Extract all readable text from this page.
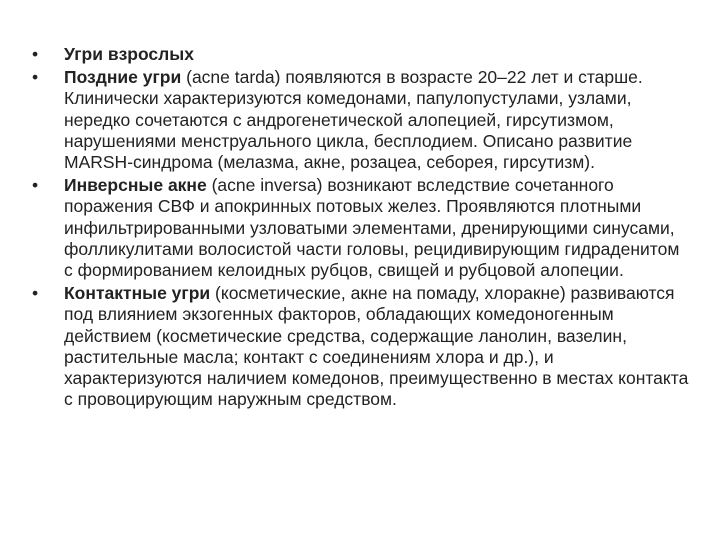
•	Угри взрослых
•	Поздние угри (acne tarda) появляются в возрасте 20–22 лет и старше. Клинически характеризуются комедонами, папулопустулами, узлами, нередко сочетаются с андрогенетической алопецией, гирсутизмом, нарушениями менструального цикла, бесплодием. Описано развитие MARSH-синдрома (мелазма, акне, розацеа, себорея, гирсутизм).
•	Инверсные акне (acne inversa) возникают вследствие сочетанного поражения СВФ и апокринных потовых желез. Проявляются плотными инфильтрированными узловатыми элементами, дренирующими синусами, фолликулитами волосистой части головы, рецидивирующим гидраденитом с формированием келоидных рубцов, свищей и рубцовой алопеции.
•	Контактные угри (косметические, акне на помаду, хлоракне) развиваются под влиянием экзогенных факторов, обладающих комедоногенным действием (косметические средства, содержащие ланолин, вазелин, растительные масла; контакт с соединениям хлора и др.), и характеризуются наличием комедонов, преимущественно в местах контакта с провоцирующим наружным средством.
